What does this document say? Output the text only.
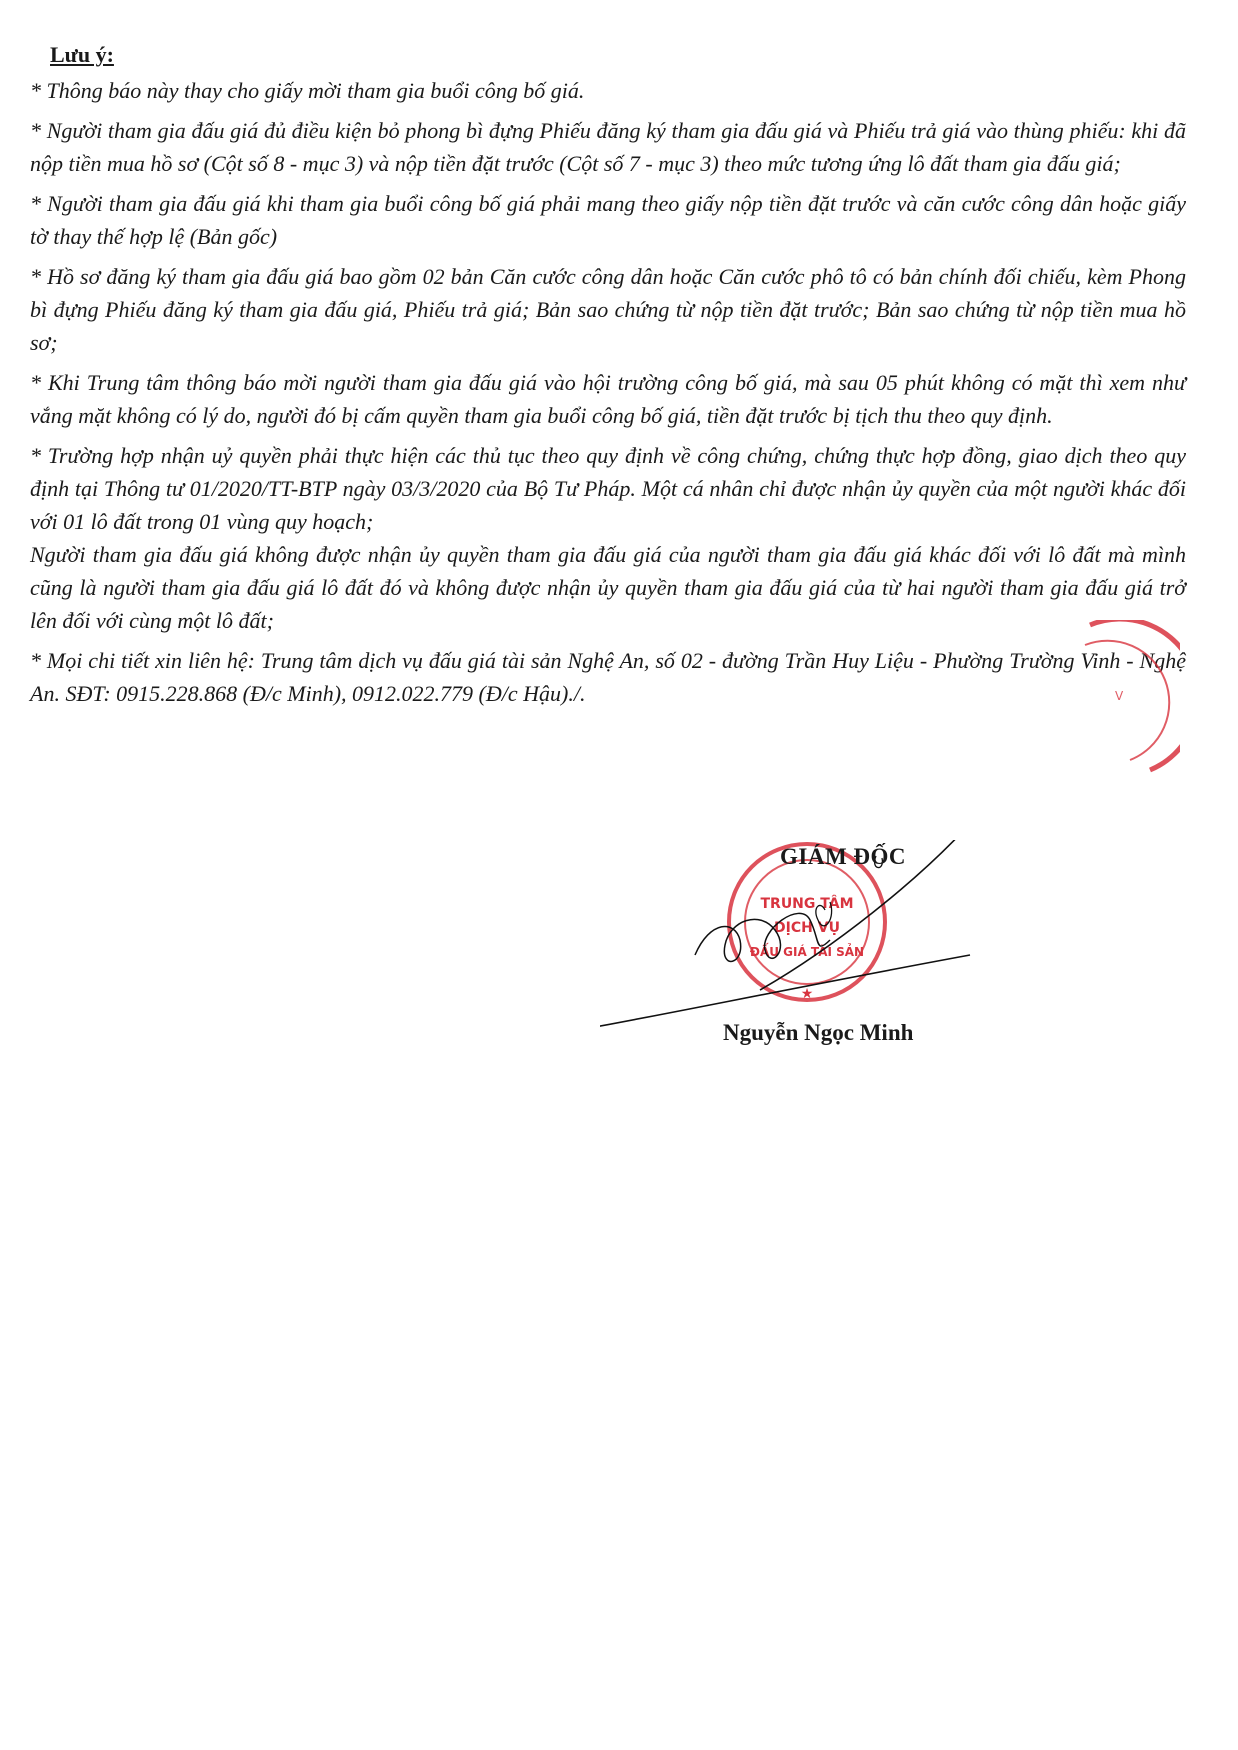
Lưu ý:

* Thông báo này thay cho giấy mời tham gia buổi công bố giá.

* Người tham gia đấu giá đủ điều kiện bỏ phong bì đựng Phiếu đăng ký tham gia đấu giá và Phiếu trả giá vào thùng phiếu: khi đã nộp tiền mua hồ sơ (Cột số 8 - mục 3) và nộp tiền đặt trước (Cột số 7 - mục 3) theo mức tương ứng lô đất tham gia đấu giá;

* Người tham gia đấu giá khi tham gia buổi công bố giá phải mang theo giấy nộp tiền đặt trước và căn cước công dân hoặc giấy tờ thay thế hợp lệ (Bản gốc)

* Hồ sơ đăng ký tham gia đấu giá bao gồm 02 bản Căn cước công dân hoặc Căn cước phô tô có bản chính đối chiếu, kèm Phong bì đựng Phiếu đăng ký tham gia đấu giá, Phiếu trả giá; Bản sao chứng từ nộp tiền đặt trước; Bản sao chứng từ nộp tiền mua hồ sơ;

* Khi Trung tâm thông báo mời người tham gia đấu giá vào hội trường công bố giá, mà sau 05 phút không có mặt thì xem như vắng mặt không có lý do, người đó bị cấm quyền tham gia buổi công bố giá, tiền đặt trước bị tịch thu theo quy định.

* Trường hợp nhận uỷ quyền phải thực hiện các thủ tục theo quy định về công chứng, chứng thực hợp đồng, giao dịch theo quy định tại Thông tư 01/2020/TT-BTP ngày 03/3/2020 của Bộ Tư Pháp. Một cá nhân chỉ được nhận ủy quyền của một người khác đối với 01 lô đất trong 01 vùng quy hoạch;

Người tham gia đấu giá không được nhận ủy quyền tham gia đấu giá của người tham gia đấu giá khác đối với lô đất mà mình cũng là người tham gia đấu giá lô đất đó và không được nhận ủy quyền tham gia đấu giá của từ hai người tham gia đấu giá trở lên đối với cùng một lô đất;

* Mọi chi tiết xin liên hệ: Trung tâm dịch vụ đấu giá tài sản Nghệ An, số 02 - đường Trần Huy Liệu - Phường Trường Vinh - Nghệ An. SĐT: 0915.228.868 (Đ/c Minh), 0912.022.779 (Đ/c Hậu)./.	V
TRUNG TÂM
DỊCH VỤ
ĐẤU GIÁ TÀI SẢN
★
GIÁM ĐỐC
Nguyễn Ngọc Minh
